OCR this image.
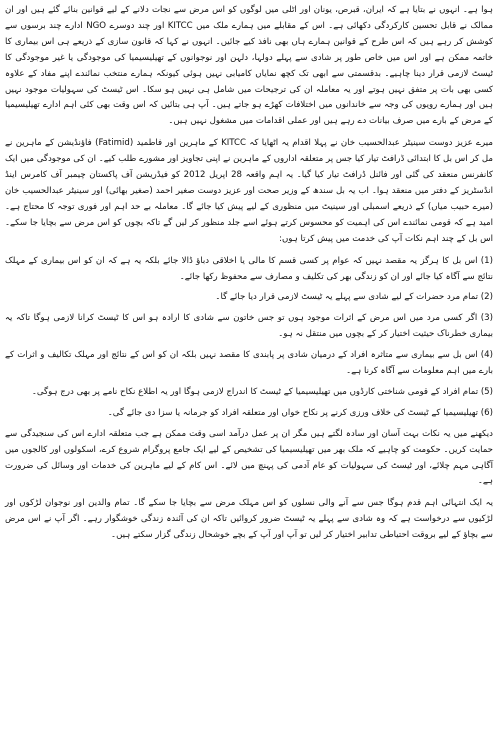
ہوا ہے۔ انہوں نے بتایا ہے کہ ایران، قبرص، یونان اور اٹلی میں لوگوں کو اس مرض سے نجات دلانے کے لیے قوانین بنائے گئے ہیں اور ان ممالک نے قابل تحسین کارکردگی دکھائی ہے۔ اس کے مقابلے میں ہمارے ملک میں KITCC اور چند دوسرے NGO ادارے چند برسوں سے کوشش کر رہے ہیں کہ اس طرح کے قوانین ہمارے ہاں بھی نافذ کیے جائیں۔ انہوں نے کہا کہ قانون سازی کے ذریعے ہی اس بیماری کا خاتمہ ممکن ہے اور اس میں خاص طور پر شادی سے پہلے دولہا، دلہن اور نوجوانوں کے تھیلیسیمیا کی موجودگی یا غیر موجودگی کا ٹیسٹ لازمی قرار دینا چاہیے۔ بدقسمتی سے ابھی تک کچھ نمایاں کامیابی نہیں ہوئی کیونکہ ہمارے منتخب نمائندے اپنے مفاد کے علاوہ کسی بھی بات پر متفق نہیں ہوتے اور یہ معاملہ ان کی ترجیحات میں شامل ہی نہیں ہو سکا۔ اس ٹیسٹ کی سہولیات موجود نہیں ہیں اور ہمارے رویوں کی وجہ سے خاندانوں میں اختلافات کھڑے ہو جاتے ہیں۔ آپ ہی بتائیں کہ اس وقت بھی کئی اہم ادارے تھیلیسیمیا کے مرض کے بارے میں صرف بیانات دے رہے ہیں اور عملی اقدامات میں مشغول نہیں ہیں۔

میرے عزیز دوست سینیٹر عبدالحسیب خان نے پہلا اقدام یہ اٹھایا کہ KITCC کے ماہرین اور فاطمید (Fatimid) فاؤنڈیشن کے ماہرین نے مل کر اس بل کا ابتدائی ڈرافٹ تیار کیا جس پر متعلقہ اداروں کے ماہرین نے اپنی تجاویز اور مشورے طلب کیے۔ ان کی موجودگی میں ایک کانفرنس منعقد کی گئی اور فائنل ڈرافٹ تیار کیا گیا۔ یہ اہم واقعہ 28 اپریل 2012 کو فیڈریشن آف پاکستان چیمبر آف کامرس اینڈ انڈسٹریز کے دفتر میں منعقد ہوا۔ اب یہ بل سندھ کے وزیر صحت اور عزیز دوست صغیر احمد (صغیر بھائی) اور سینیٹر عبدالحسیب خان (میرے حبیب میاں) کے ذریعے اسمبلی اور سینیٹ میں منظوری کے لیے پیش کیا جائے گا۔ معاملہ بے حد اہم اور فوری توجہ کا محتاج ہے۔ امید ہے کہ قومی نمائندے اس کی اہمیت کو محسوس کرتے ہوئے اسے جلد منظور کر لیں گے تاکہ بچوں کو اس مرض سے بچایا جا سکے۔ اس بل کے چند اہم نکات آپ کی خدمت میں پیش کرتا ہوں:

(1) اس بل کا ہرگز یہ مقصد نہیں کہ عوام پر کسی قسم کا مالی یا اخلاقی دباؤ ڈالا جائے بلکہ یہ ہے کہ ان کو اس بیماری کے مہلک نتائج سے آگاہ کیا جائے اور ان کو زندگی بھر کی تکلیف و مصارف سے محفوظ رکھا جائے۔

(2) تمام مرد حضرات کے لیے شادی سے پہلے یہ ٹیسٹ لازمی قرار دیا جائے گا۔

(3) اگر کسی مرد میں اس مرض کے اثرات موجود ہوں تو جس خاتون سے شادی کا ارادہ ہو اس کا ٹیسٹ کرانا لازمی ہوگا تاکہ یہ بیماری خطرناک حیثیت اختیار کر کے بچوں میں منتقل نہ ہو۔

(4) اس بل سے بیماری سے متاثرہ افراد کے درمیان شادی پر پابندی کا مقصد نہیں بلکہ ان کو اس کے نتائج اور مہلک تکالیف و اثرات کے بارے میں اہم معلومات سے آگاہ کرنا ہے۔

(5) تمام افراد کے قومی شناختی کارڈوں میں تھیلیسیمیا کے ٹیسٹ کا اندراج لازمی ہوگا اور یہ اطلاع نکاح نامے پر بھی درج ہوگی۔

(6) تھیلیسیمیا کے ٹیسٹ کی خلاف ورزی کرنے پر نکاح خواں اور متعلقہ افراد کو جرمانہ یا سزا دی جائے گی۔

دیکھنے میں یہ نکات بہت آسان اور سادہ لگتے ہیں مگر ان پر عمل درآمد اسی وقت ممکن ہے جب متعلقہ ادارے اس کی سنجیدگی سے حمایت کریں۔ حکومت کو چاہیے کہ ملک بھر میں تھیلیسیمیا کی تشخیص کے لیے ایک جامع پروگرام شروع کرے، اسکولوں اور کالجوں میں آگاہی مہم چلائے، اور ٹیسٹ کی سہولیات کو عام آدمی کی پہنچ میں لائے۔ اس کام کے لیے ماہرین کی خدمات اور وسائل کی ضرورت ہے۔

یہ ایک انتہائی اہم قدم ہوگا جس سے آنے والی نسلوں کو اس مہلک مرض سے بچایا جا سکے گا۔ تمام والدین اور نوجوان لڑکوں اور لڑکیوں سے درخواست ہے کہ وہ شادی سے پہلے یہ ٹیسٹ ضرور کروائیں تاکہ ان کی آئندہ زندگی خوشگوار رہے۔ اگر آپ نے اس مرض سے بچاؤ کے لیے بروقت احتیاطی تدابیر اختیار کر لیں تو آپ اور آپ کے بچے خوشحال زندگی گزار سکتے ہیں۔
